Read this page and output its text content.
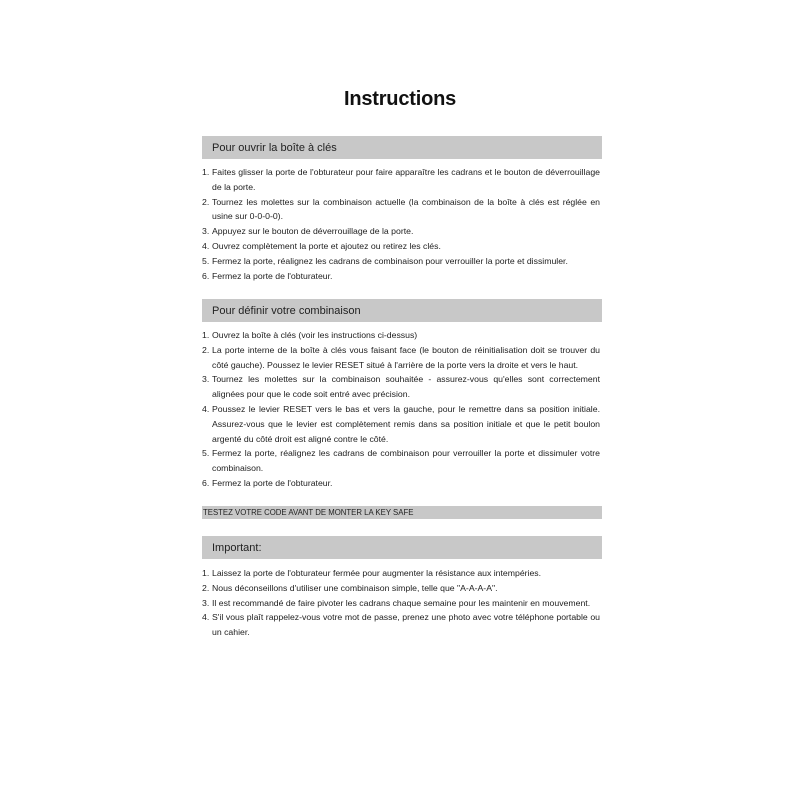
Instructions
Pour ouvrir la boîte à clés
1. Faites glisser la porte de l'obturateur pour faire apparaître les cadrans et le bouton de déverrouillage de la porte.
2. Tournez les molettes sur la combinaison actuelle (la combinaison de la boîte à clés est réglée en usine sur 0-0-0-0).
3. Appuyez sur le bouton de déverrouillage de la porte.
4. Ouvrez complètement la porte et ajoutez ou retirez les clés.
5. Fermez la porte, réalignez les cadrans de combinaison pour verrouiller la porte et dissimuler.
6. Fermez la porte de l'obturateur.
Pour définir votre combinaison
1. Ouvrez la boîte à clés (voir les instructions ci-dessus)
2. La porte interne de la boîte à clés vous faisant face (le bouton de réinitialisation doit se trouver du côté gauche). Poussez le levier RESET situé à l'arrière de la porte vers la droite et vers le haut.
3. Tournez les molettes sur la combinaison souhaitée - assurez-vous qu'elles sont correctement alignées pour que le code soit entré avec précision.
4. Poussez le levier RESET vers le bas et vers la gauche, pour le remettre dans sa position initiale. Assurez-vous que le levier est complètement remis dans sa position initiale et que le petit boulon argenté du côté droit est aligné contre le côté.
5. Fermez la porte, réalignez les cadrans de combinaison pour verrouiller la porte et dissimuler votre combinaison.
6. Fermez la porte de l'obturateur.
TESTEZ VOTRE CODE AVANT DE MONTER LA KEY SAFE
Important:
1. Laissez la porte de l'obturateur fermée pour augmenter la résistance aux intempéries.
2. Nous déconseillons d'utiliser une combinaison simple, telle que "A-A-A-A".
3. Il est recommandé de faire pivoter les cadrans chaque semaine pour les maintenir en mouvement.
4. S'il vous plaît rappelez-vous votre mot de passe, prenez une photo avec votre téléphone portable ou un cahier.
